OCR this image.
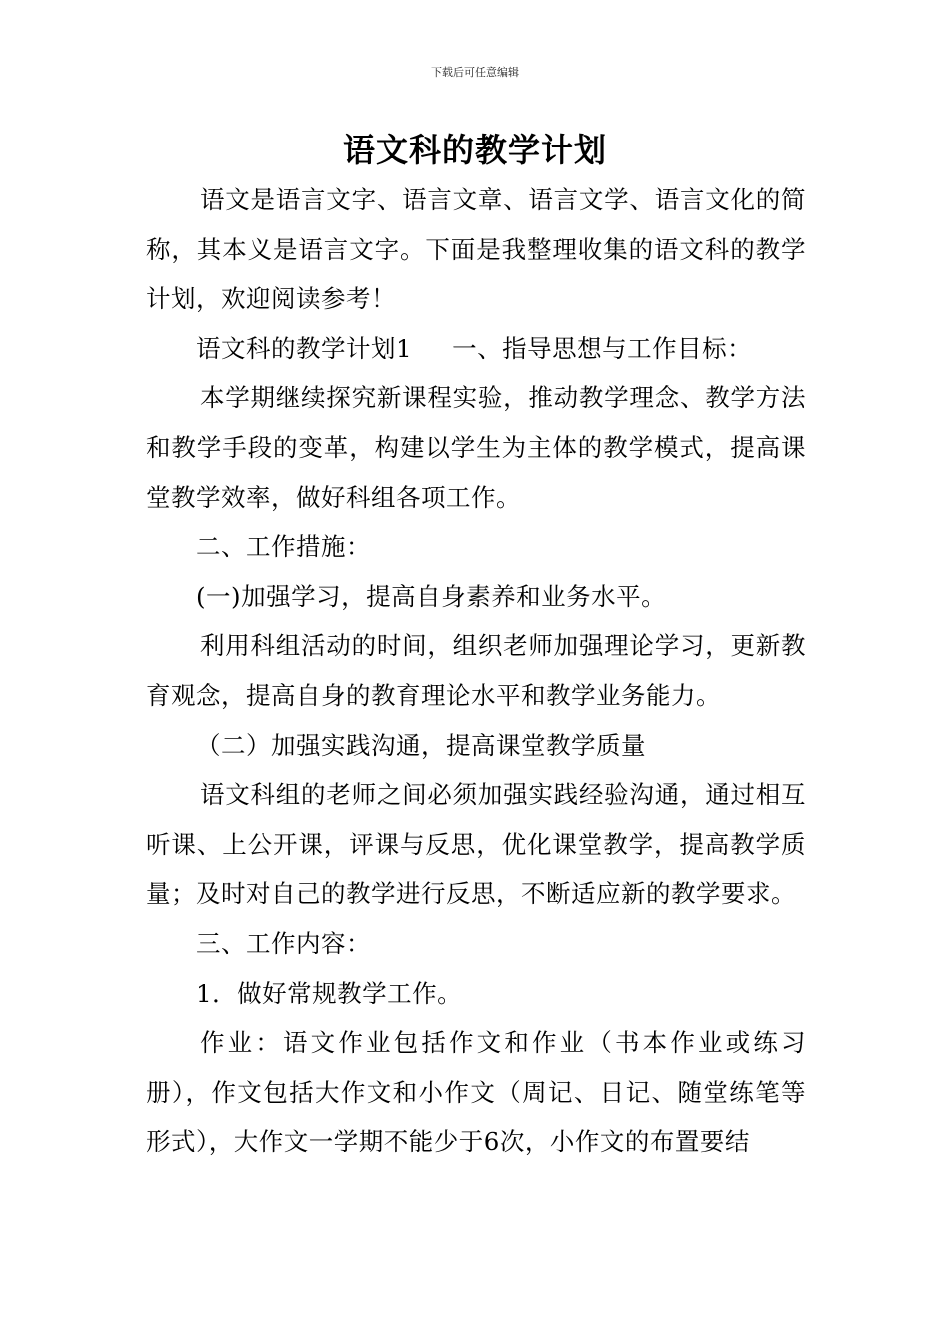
下载后可任意编辑
语文科的教学计划

语文是语言文字、语言文章、语言文学、语言文化的简称，其本义是语言文字。下面是我整理收集的语文科的教学计划，欢迎阅读参考！

语文科的教学计划1 一、指导思想与工作目标：

本学期继续探究新课程实验，推动教学理念、教学方法和教学手段的变革，构建以学生为主体的教学模式，提高课堂教学效率，做好科组各项工作。

二、工作措施：

(一)加强学习，提高自身素养和业务水平。

利用科组活动的时间，组织老师加强理论学习，更新教育观念，提高自身的教育理论水平和教学业务能力。

（二）加强实践沟通，提高课堂教学质量

语文科组的老师之间必须加强实践经验沟通，通过相互听课、上公开课，评课与反思，优化课堂教学，提高教学质量；及时对自己的教学进行反思，不断适应新的教学要求。

三、工作内容：

1．做好常规教学工作。

作业：语文作业包括作文和作业（书本作业或练习册），作文包括大作文和小作文（周记、日记、随堂练笔等形式），大作文一学期不能少于6次，小作文的布置要结
